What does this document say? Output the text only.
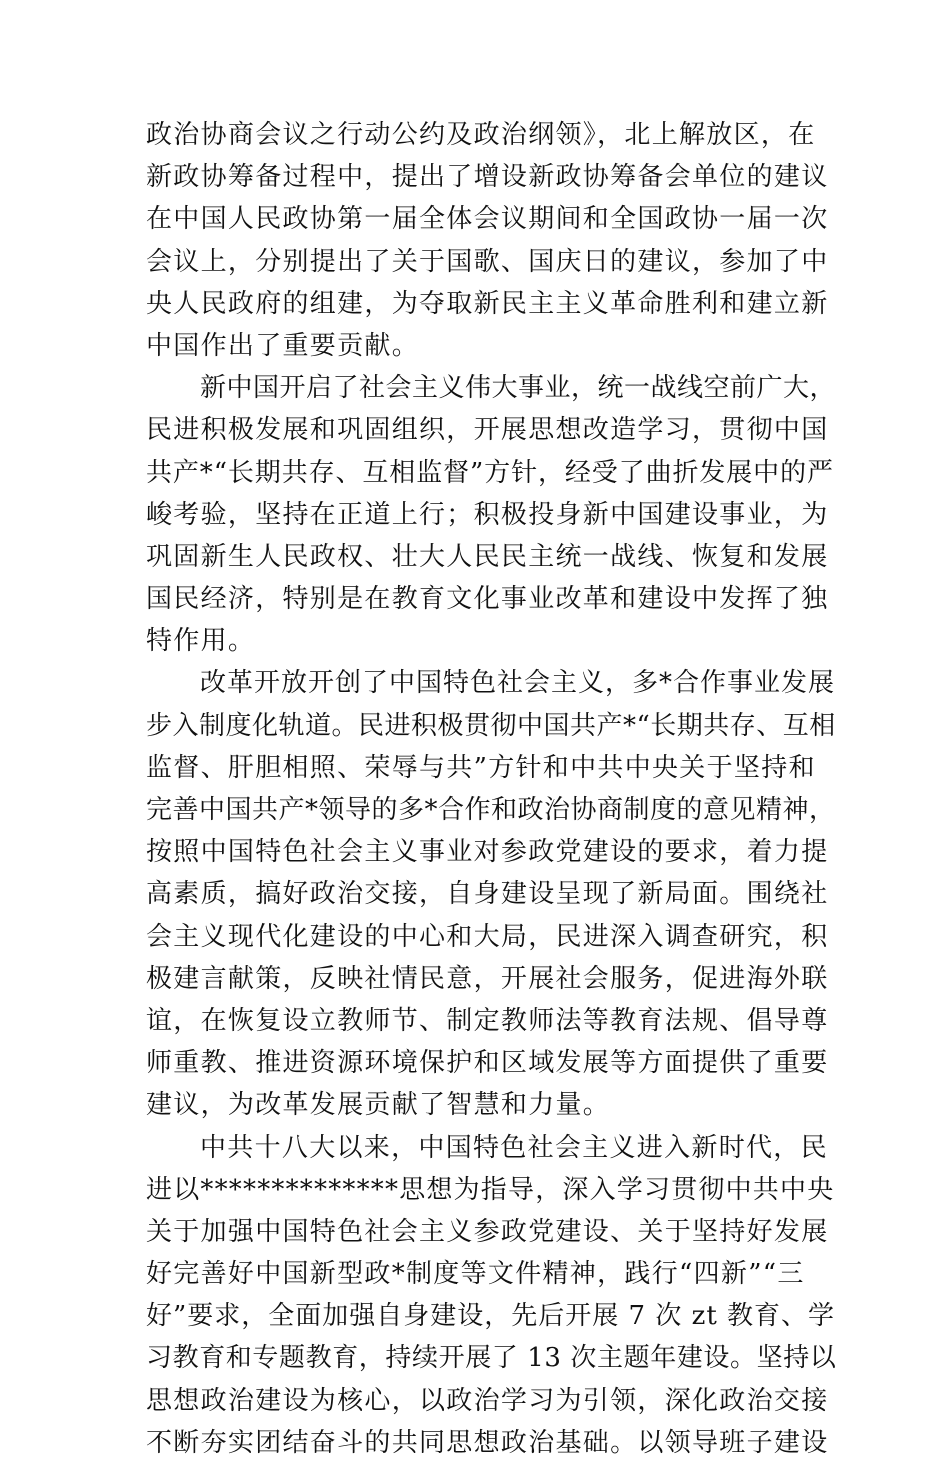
政治协商会议之行动公约及政治纲领》，北上解放区，在
新政协筹备过程中，提出了增设新政协筹备会单位的建议
在中国人民政协第一届全体会议期间和全国政协一届一次
会议上，分别提出了关于国歌、国庆日的建议，参加了中
央人民政府的组建，为夺取新民主主义革命胜利和建立新
中国作出了重要贡献。
新中国开启了社会主义伟大事业，统一战线空前广大，
民进积极发展和巩固组织，开展思想改造学习，贯彻中国
共产*“长期共存、互相监督”方针，经受了曲折发展中的严
峻考验，坚持在正道上行；积极投身新中国建设事业，为
巩固新生人民政权、壮大人民民主统一战线、恢复和发展
国民经济，特别是在教育文化事业改革和建设中发挥了独
特作用。
改革开放开创了中国特色社会主义，多*合作事业发展
步入制度化轨道。民进积极贯彻中国共产*“长期共存、互相
监督、肝胆相照、荣辱与共”方针和中共中央关于坚持和
完善中国共产*领导的多*合作和政治协商制度的意见精神，
按照中国特色社会主义事业对参政党建设的要求，着力提
高素质，搞好政治交接，自身建设呈现了新局面。围绕社
会主义现代化建设的中心和大局，民进深入调查研究，积
极建言献策，反映社情民意，开展社会服务，促进海外联
谊，在恢复设立教师节、制定教师法等教育法规、倡导尊
师重教、推进资源环境保护和区域发展等方面提供了重要
建议，为改革发展贡献了智慧和力量。
中共十八大以来，中国特色社会主义进入新时代，民
进以**************思想为指导，深入学习贯彻中共中央
关于加强中国特色社会主义参政党建设、关于坚持好发展
好完善好中国新型政*制度等文件精神，践行“四新”“三
好”要求，全面加强自身建设，先后开展 7 次 zt 教育、学
习教育和专题教育，持续开展了 13 次主题年建设。坚持以
思想政治建设为核心，以政治学习为引领，深化政治交接
不断夯实团结奋斗的共同思想政治基础。以领导班子建设
